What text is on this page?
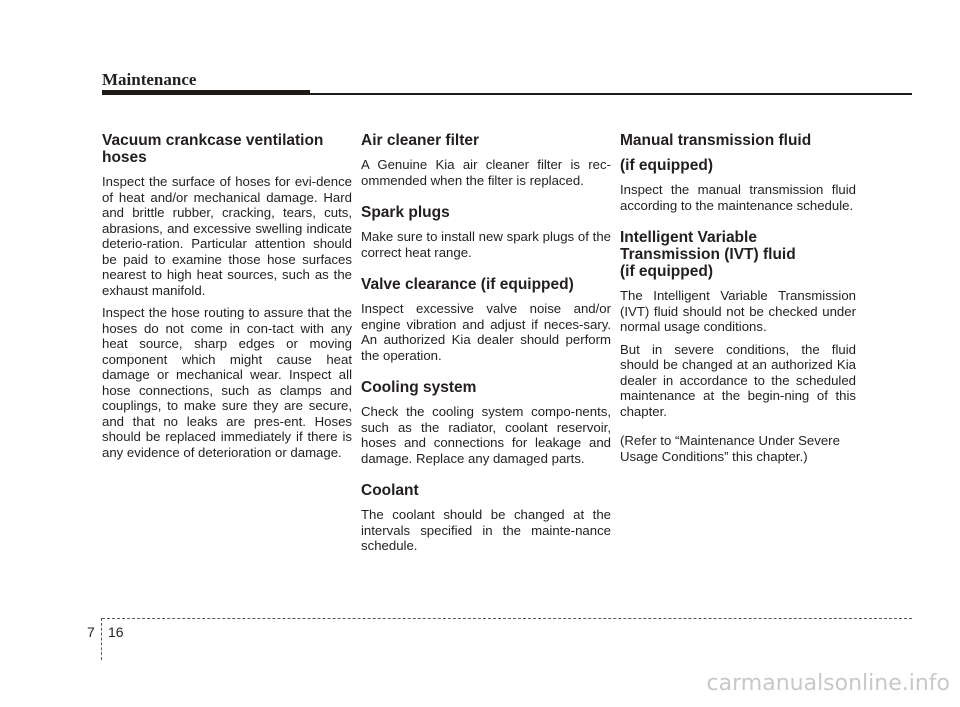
Maintenance
Vacuum crankcase ventilation hoses

Inspect the surface of hoses for evi-dence of heat and/or mechanical damage. Hard and brittle rubber, cracking, tears, cuts, abrasions, and excessive swelling indicate deterio-ration. Particular attention should be paid to examine those hose surfaces nearest to high heat sources, such as the exhaust manifold.

Inspect the hose routing to assure that the hoses do not come in con-tact with any heat source, sharp edges or moving component which might cause heat damage or mechanical wear. Inspect all hose connections, such as clamps and couplings, to make sure they are secure, and that no leaks are pres-ent. Hoses should be replaced immediately if there is any evidence of deterioration or damage.

Air cleaner filter

A Genuine Kia air cleaner filter is rec-ommended when the filter is replaced.

Spark plugs

Make sure to install new spark plugs of the correct heat range.

Valve clearance (if equipped)

Inspect excessive valve noise and/or engine vibration and adjust if neces-sary. An authorized Kia dealer should perform the operation.

Cooling system

Check the cooling system compo-nents, such as the radiator, coolant reservoir, hoses and connections for leakage and damage. Replace any damaged parts.

Coolant

The coolant should be changed at the intervals specified in the mainte-nance schedule.

Manual transmission fluid
(if equipped)

Inspect the manual transmission fluid according to the maintenance schedule.

Intelligent Variable
Transmission (IVT) fluid
(if equipped)

The Intelligent Variable Transmission (IVT) fluid should not be checked under normal usage conditions.

But in severe conditions, the fluid should be changed at an authorized Kia dealer in accordance to the scheduled maintenance at the begin-ning of this chapter.

(Refer to “Maintenance Under Severe Usage Conditions” this chapter.)

7 16
carmanualsonline.info
